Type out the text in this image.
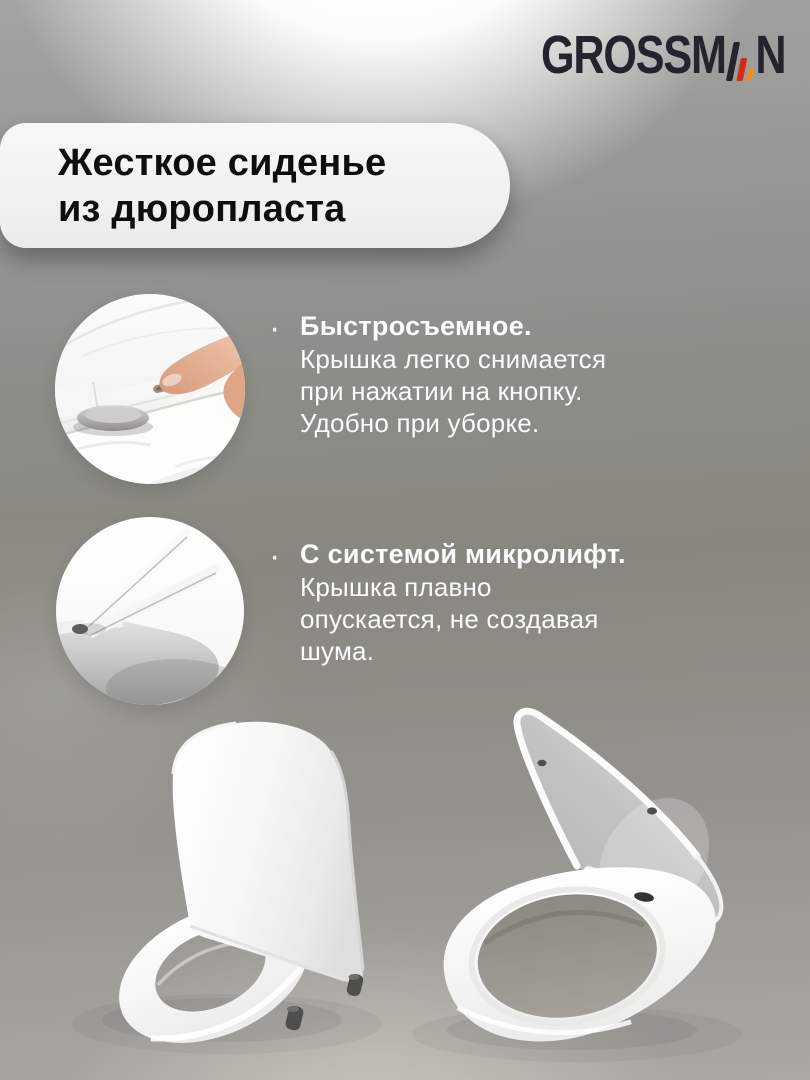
GROSSM N
Жесткое сиденье
из дюропласта
· Быстросъемное.
Крышка легко снимается
при нажатии на кнопку.
Удобно при уборке.
· С системой микролифт.
Крышка плавно
опускается, не создавая
шума.
